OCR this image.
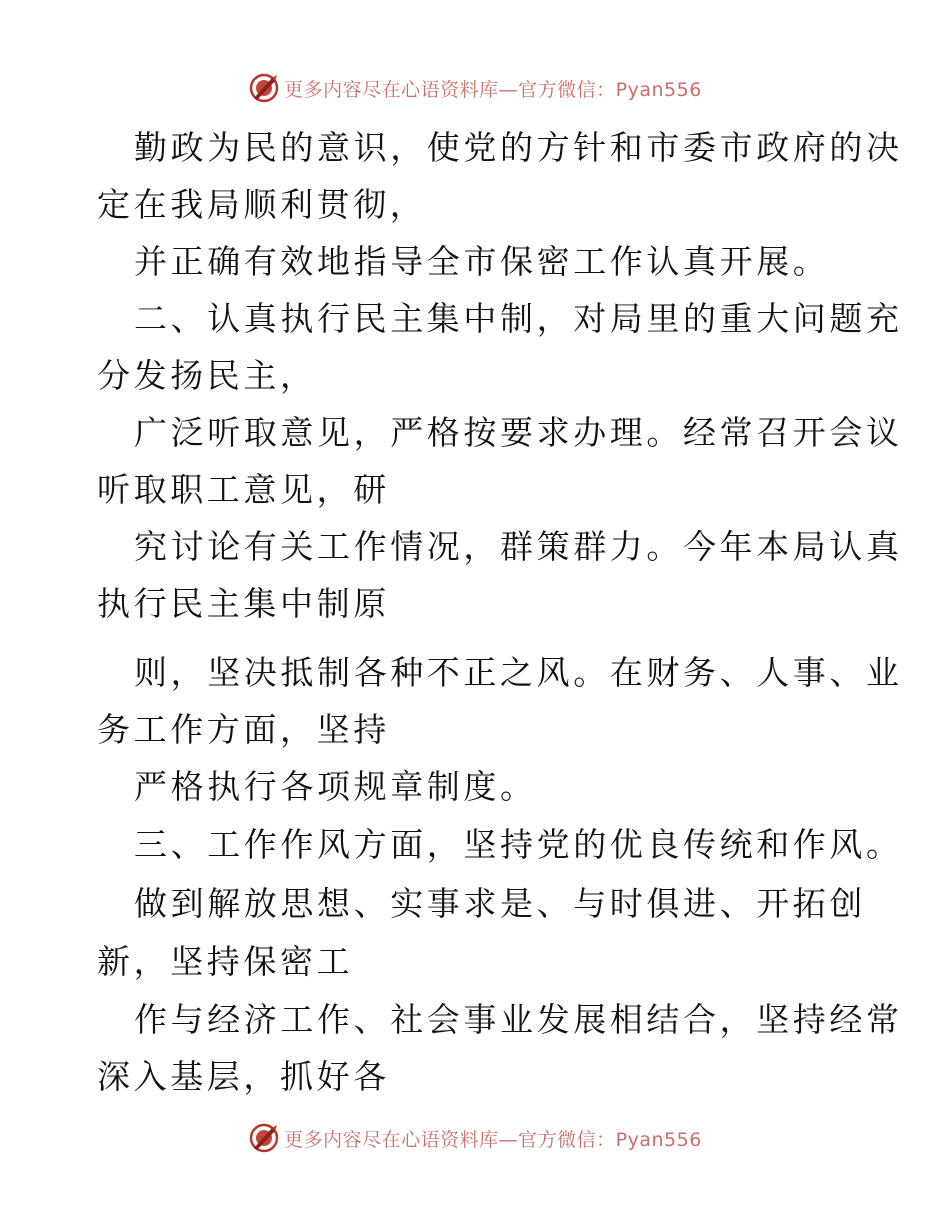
更多内容尽在心语资料库—官方微信：Pyan556
勤政为民的意识，使党的方针和市委市政府的决
定在我局顺利贯彻，
并正确有效地指导全市保密工作认真开展。
二、认真执行民主集中制，对局里的重大问题充
分发扬民主，
广泛听取意见，严格按要求办理。经常召开会议
听取职工意见，研
究讨论有关工作情况，群策群力。今年本局认真
执行民主集中制原
则，坚决抵制各种不正之风。在财务、人事、业
务工作方面，坚持
严格执行各项规章制度。
三、工作作风方面，坚持党的优良传统和作风。
做到解放思想、实事求是、与时俱进、开拓创
新，坚持保密工
作与经济工作、社会事业发展相结合，坚持经常
深入基层，抓好各
更多内容尽在心语资料库—官方微信：Pyan556
